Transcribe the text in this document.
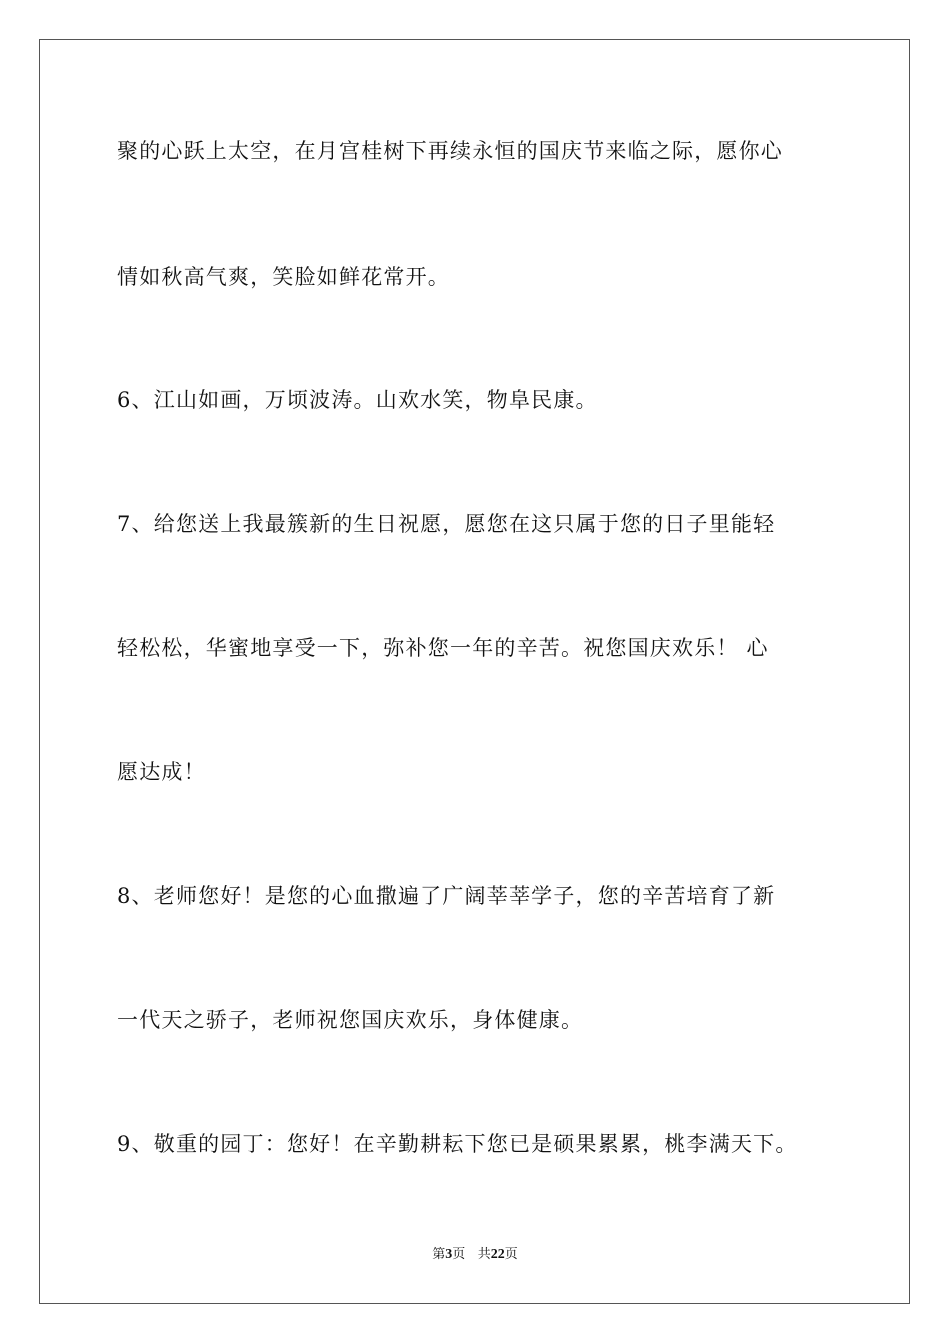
聚的心跃上太空，在月宫桂树下再续永恒的国庆节来临之际，愿你心
情如秋高气爽，笑脸如鲜花常开。
6、江山如画，万顷波涛。山欢水笑，物阜民康。
7、给您送上我最簇新的生日祝愿，愿您在这只属于您的日子里能轻
轻松松，华蜜地享受一下，弥补您一年的辛苦。祝您国庆欢乐！ 心
愿达成！
8、老师您好！是您的心血撒遍了广阔莘莘学子，您的辛苦培育了新
一代天之骄子，老师祝您国庆欢乐，身体健康。
9、敬重的园丁：您好！在辛勤耕耘下您已是硕果累累，桃李满天下。
第3页   共22页
